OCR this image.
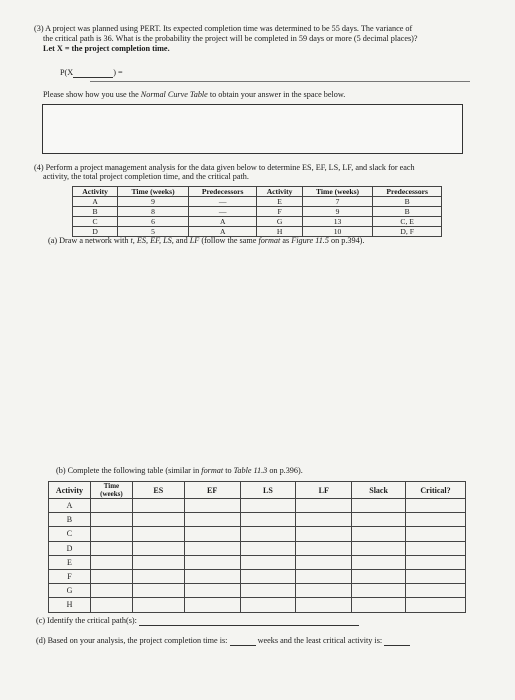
(3) A project was planned using PERT. Its expected completion time was determined to be 55 days. The variance of
the critical path is 36. What is the probability the project will be completed in 59 days or more (5 decimal places)?
Let X = the project completion time.
P(X	) =
Please show how you use the Normal Curve Table to obtain your answer in the space below.
(4) Perform a project management analysis for the data given below to determine ES, EF, LS, LF, and slack for each
activity, the total project completion time, and the critical path.
Activity	Time (weeks)	Predecessors	Activity	Time (weeks)	Predecessors
A	9	—	E	7	B
B	8	—	F	9	B
C	6	A	G	13	C, E
D	5	A	H	10	D, F
(a) Draw a network with t, ES, EF, LS, and LF (follow the same format as Figure 11.5 on p.394).
(b) Complete the following table (similar in format to Table 11.3 on p.396).
Activity	Time (weeks)	ES	EF	LS	LF	Slack	Critical?
A							
B							
C							
D							
E							
F							
G							
H							
(c) Identify the critical path(s):
(d) Based on your analysis, the project completion time is:	weeks and the least critical activity is:
